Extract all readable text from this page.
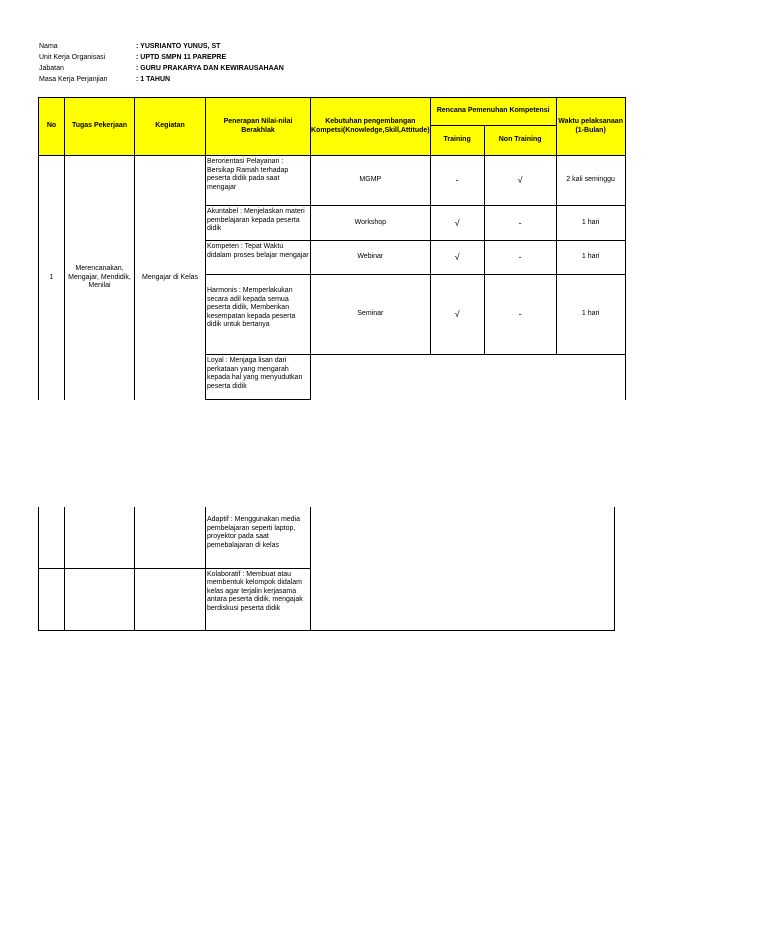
Nama	: YUSRIANTO YUNUS, ST
Unit Kerja Organisasi	: UPTD SMPN 11 PAREPRE
Jabatan	: GURU PRAKARYA DAN KEWIRAUSAHAAN
Masa Kerja Perjanjian	: 1 TAHUN
No	Tugas Pekerjaan	Kegiatan	Penerapan Nilai-nilai Berakhlak	Kebutuhan pengembangan Kompetsi(Knowledge,Skill,Attitude)	Rencana Pemenuhan Kompetensi		Waktu pelaksanaan (1-Bulan)
					Training	Non Training	
1	Merencanakan, Mengajar, Mendidik, Menilai	Mengajar di Kelas	Berorientasi Pelayanan : Bersikap Ramah terhadap peserta didik pada saat mengajar	MGMP	-	√	2 kali seminggu
			Akuntabel : Menjelaskan materi pembelajaran kepada peserta didik	Workshop	√	-	1 hari
			Kompeten : Tepat Waktu didalam proses belajar mengajar	Webinar	√	-	1 hari
			Harmonis : Memperlakukan secara adil kepada semua peserta didik, Memberikan kesempatan kepada peserta didik untuk bertanya	Seminar	√	-	1 hari
			Loyal : Menjaga lisan dari perkataan yang mengarah kepada hal yang menyudutkan peserta didik				
			Adaptif : Menggunakan media pembelajaran seperti laptop, proyektor pada saat pemebalajaran di kelas	
			Kolaboratif : Membuat atau membentuk kelompok didalam kelas agar terjalin kerjasama antara peserta didik, mengajak berdiskusi peserta didik	
